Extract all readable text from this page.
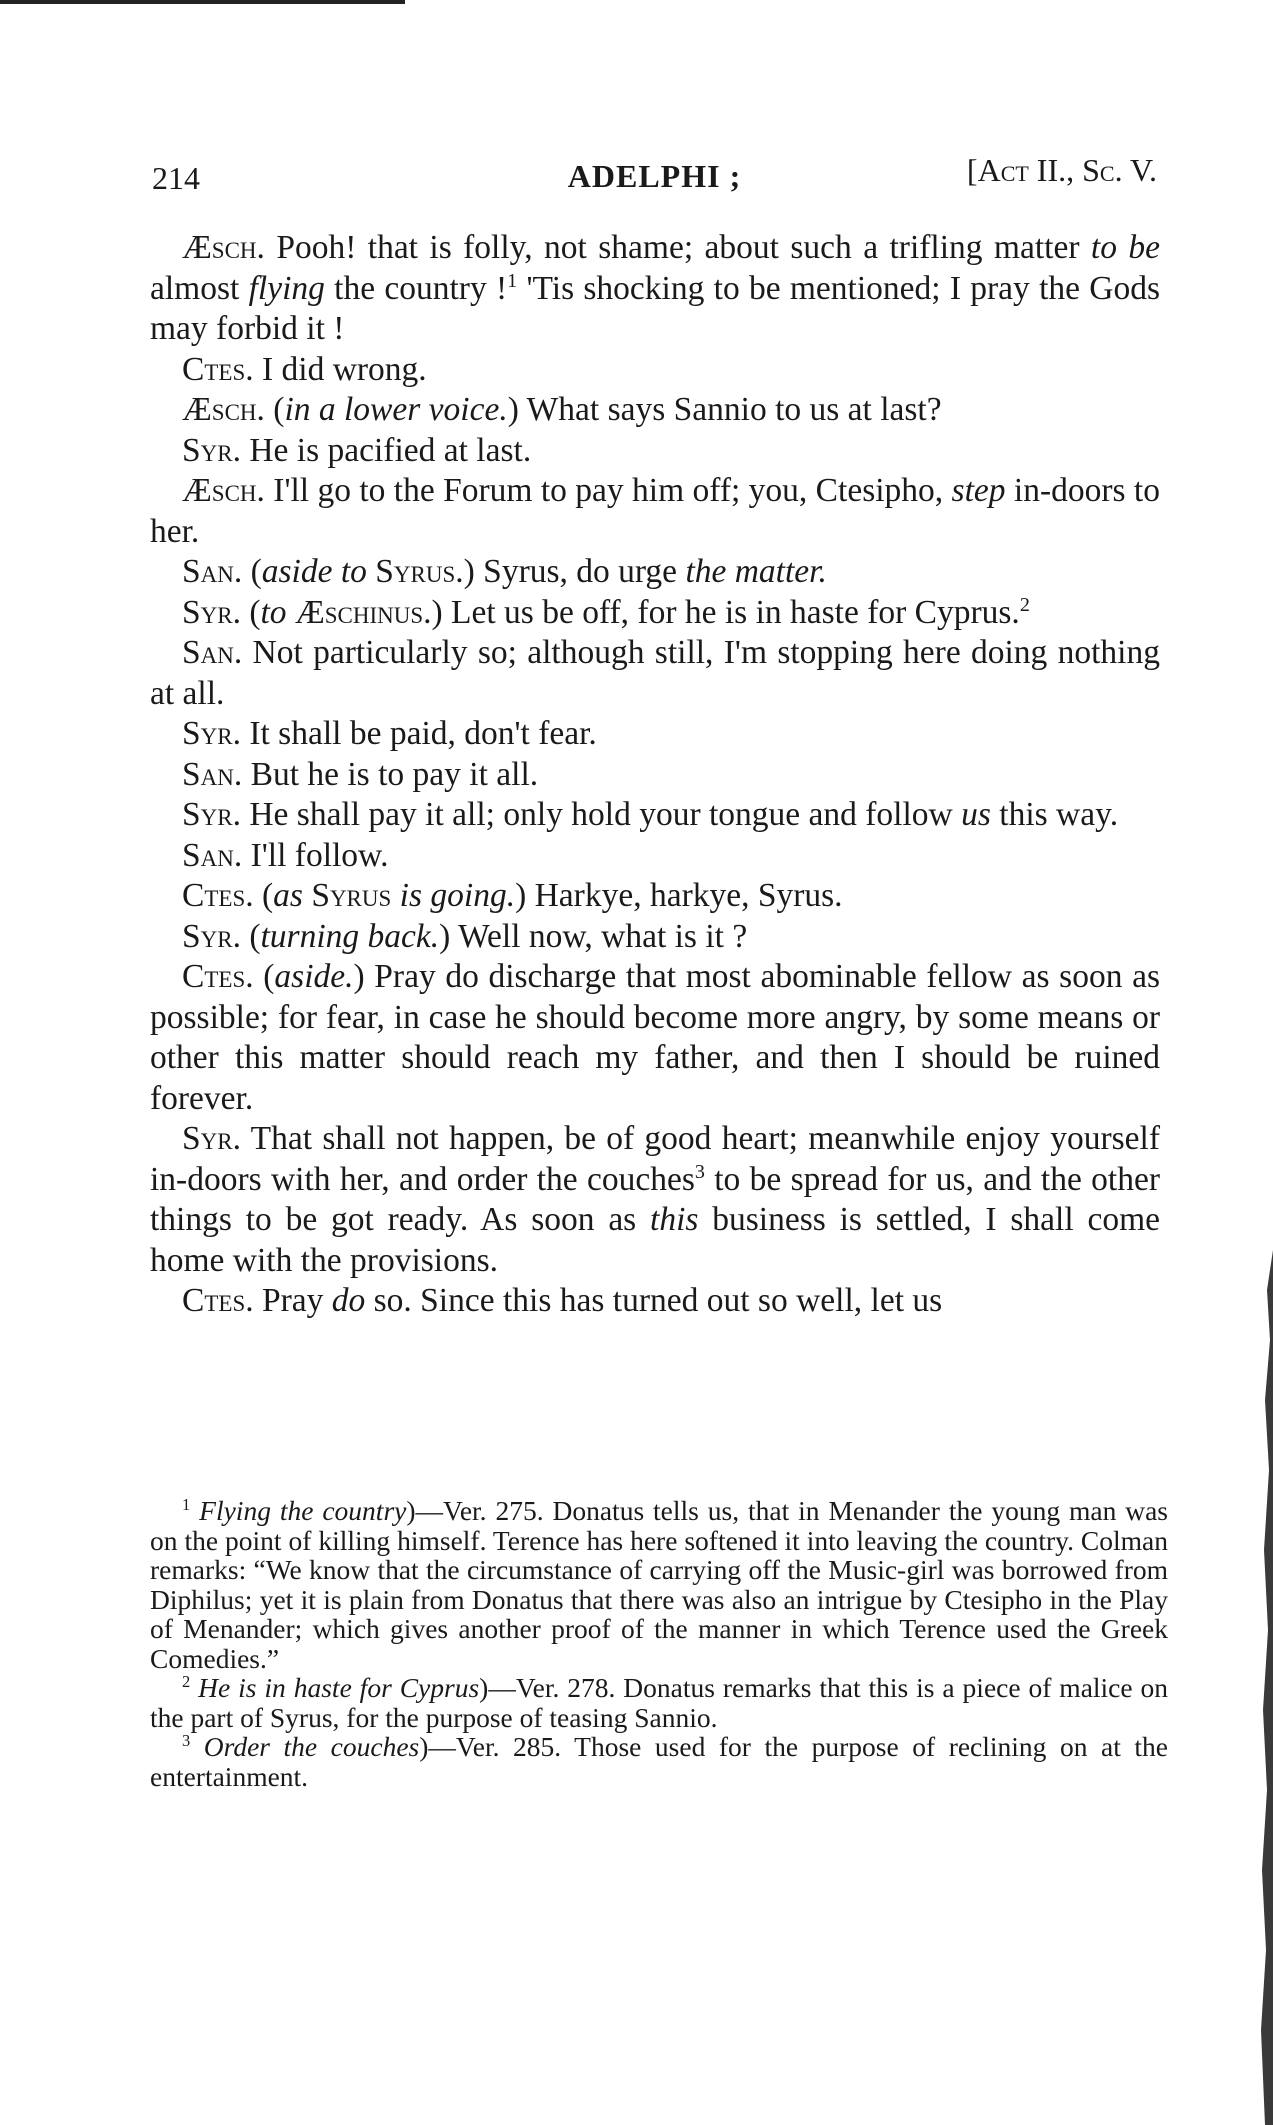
214	ADELPHI ;	[Act II., Sc. V.

Æsch. Pooh! that is folly, not shame; about such a trifling matter to be almost flying the country !$^1$ 'Tis shocking to be mentioned; I pray the Gods may forbid it !

Ctes. I did wrong.

Æsch. (in a lower voice.) What says Sannio to us at last?

Syr. He is pacified at last.

Æsch. I'll go to the Forum to pay him off; you, Ctesipho, step in-doors to her.

San. (aside to Syrus.) Syrus, do urge the matter.

Syr. (to Æschinus.) Let us be off, for he is in haste for Cyprus.$^2$

San. Not particularly so; although still, I'm stopping here doing nothing at all.

Syr. It shall be paid, don't fear.

San. But he is to pay it all.

Syr. He shall pay it all; only hold your tongue and follow us this way.

San. I'll follow.

Ctes. (as Syrus is going.) Harkye, harkye, Syrus.

Syr. (turning back.) Well now, what is it ?

Ctes. (aside.) Pray do discharge that most abominable fellow as soon as possible; for fear, in case he should become more angry, by some means or other this matter should reach my father, and then I should be ruined forever.

Syr. That shall not happen, be of good heart; meanwhile enjoy yourself in-doors with her, and order the couches$^3$ to be spread for us, and the other things to be got ready. As soon as this business is settled, I shall come home with the provisions.

Ctes. Pray do so. Since this has turned out so well, let us

$^1$ Flying the country)—Ver. 275. Donatus tells us, that in Menander the young man was on the point of killing himself. Terence has here softened it into leaving the country. Colman remarks: “We know that the circumstance of carrying off the Music-girl was borrowed from Diphilus; yet it is plain from Donatus that there was also an intrigue by Ctesipho in the Play of Menander; which gives another proof of the manner in which Terence used the Greek Comedies.”

$^2$ He is in haste for Cyprus)—Ver. 278. Donatus remarks that this is a piece of malice on the part of Syrus, for the purpose of teasing Sannio.

$^3$ Order the couches)—Ver. 285. Those used for the purpose of reclining on at the entertainment.
